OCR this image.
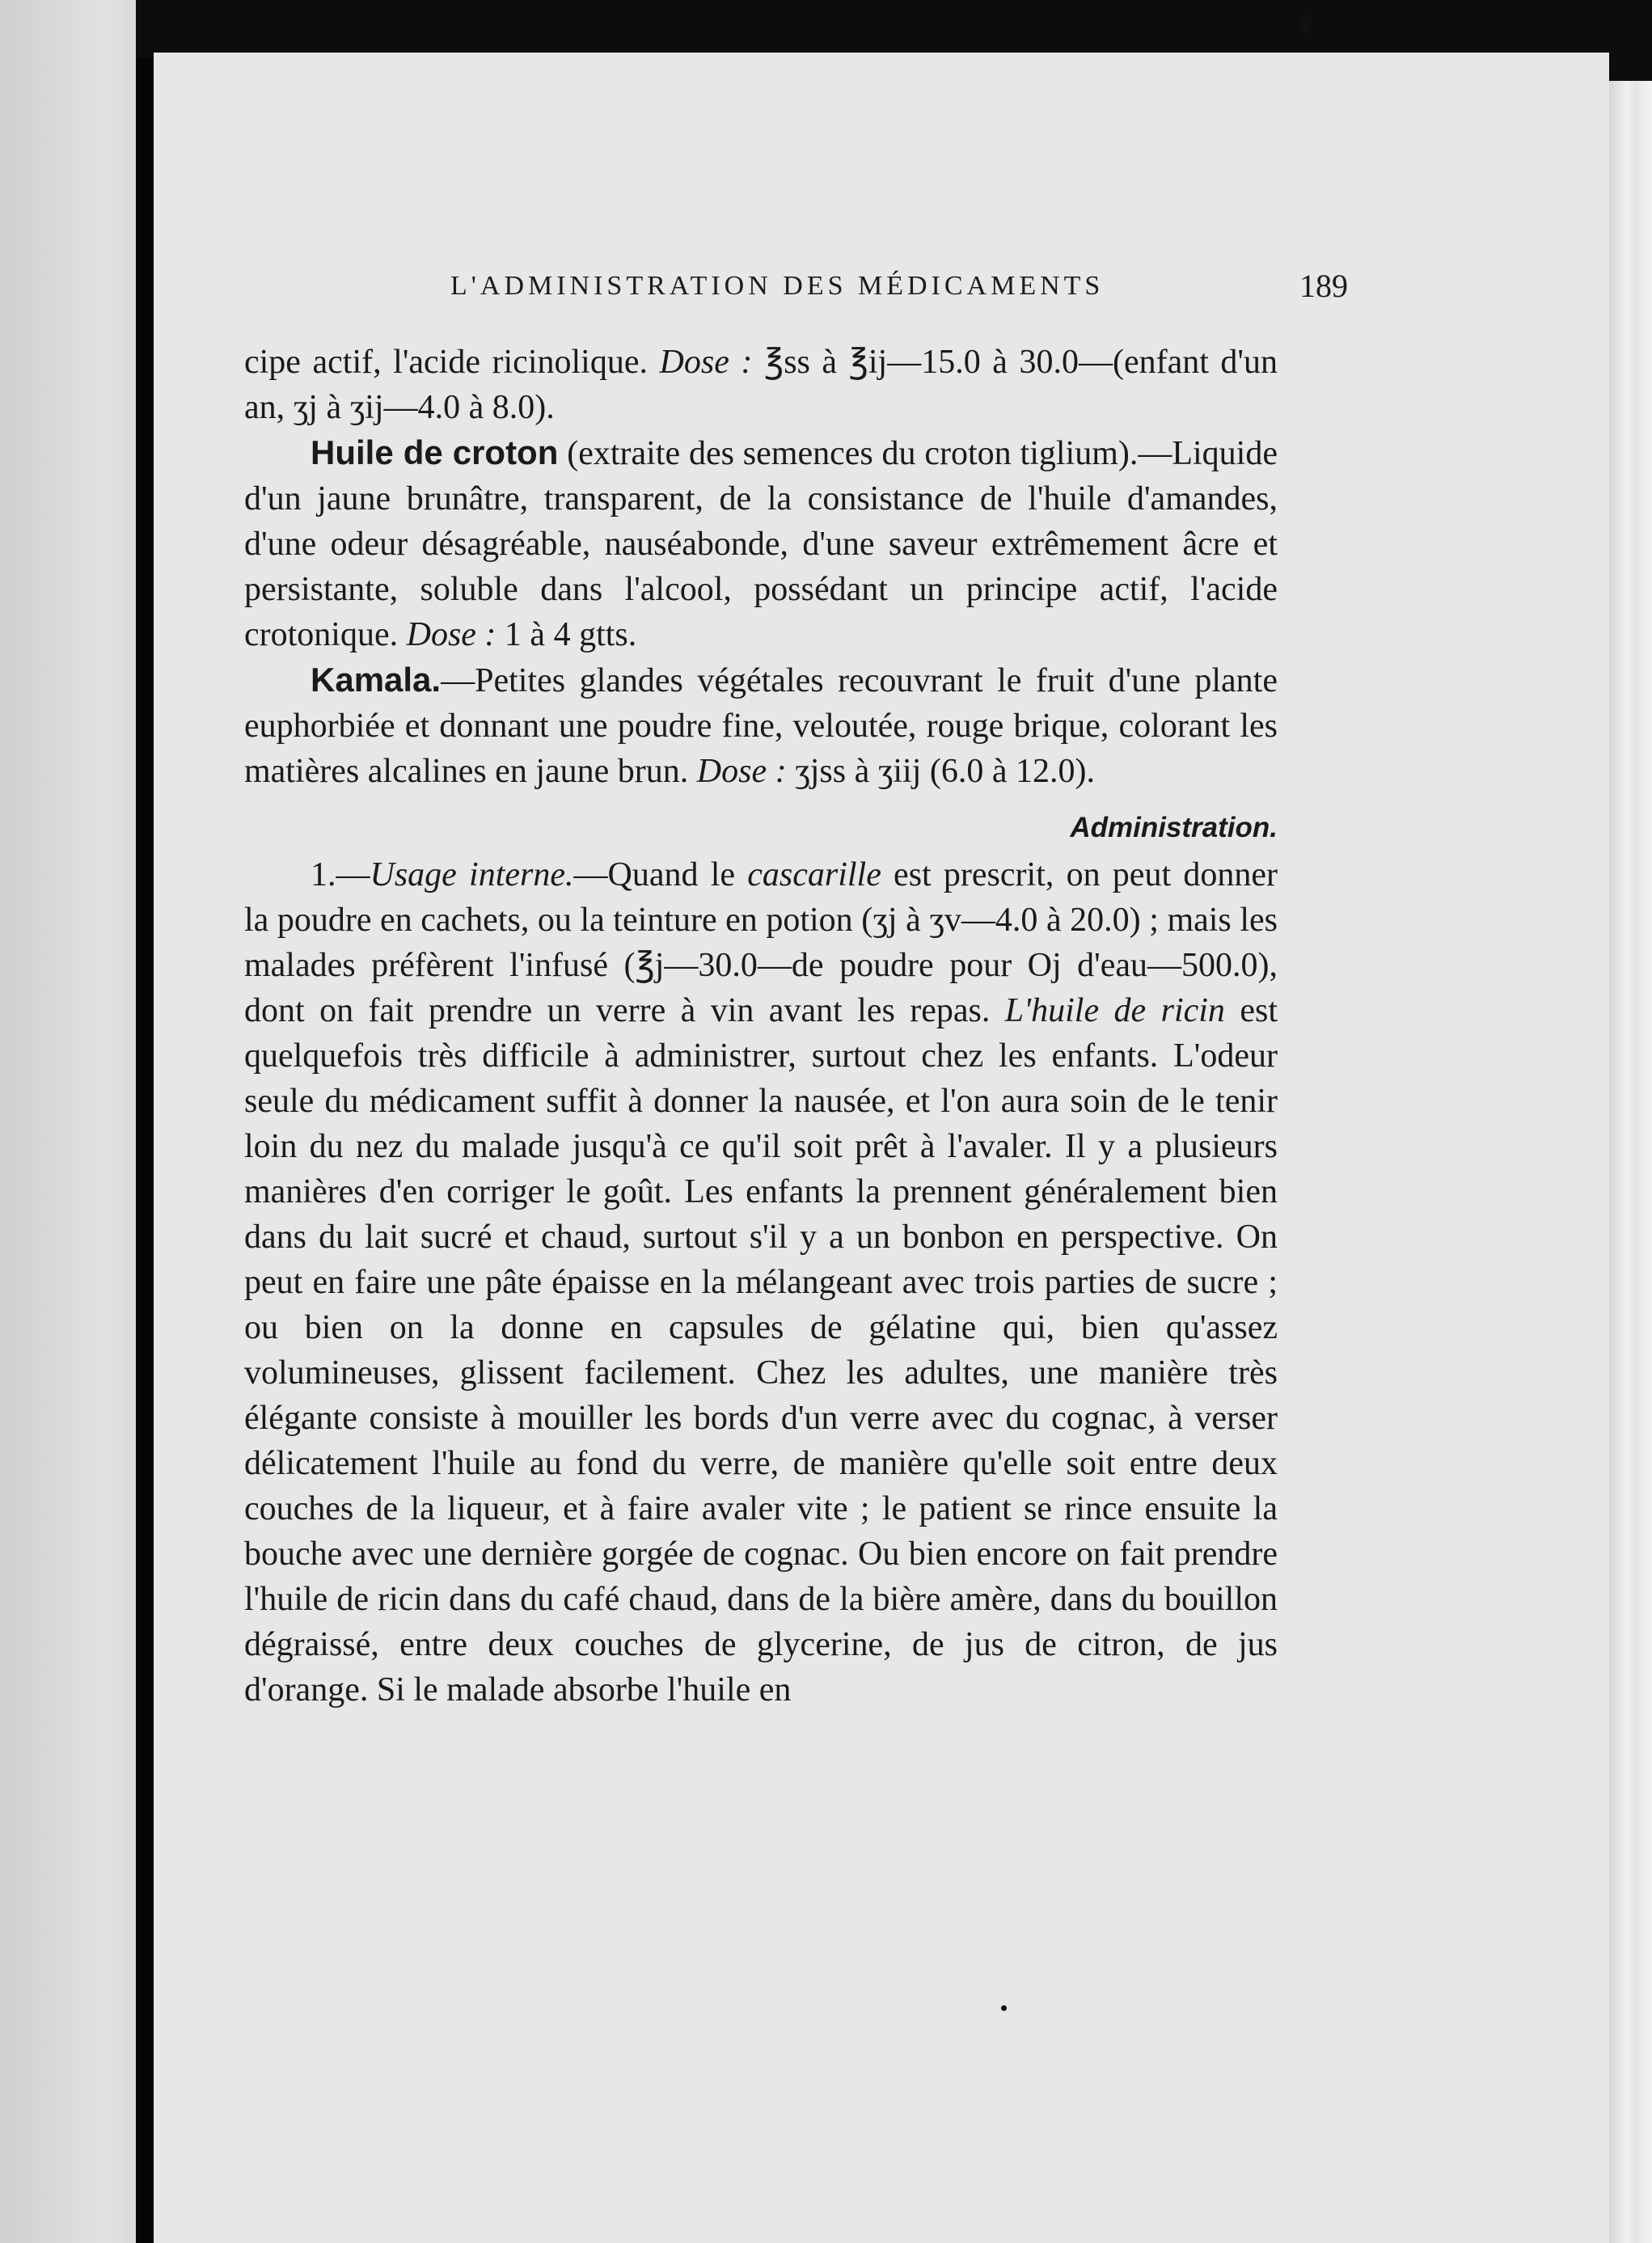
L'ADMINISTRATION DES MÉDICAMENTS	189

cipe actif, l'acide ricinolique. Dose : ℥ss à ℥ij—15.0 à 30.0—(enfant d'un an, ʒj à ʒij—4.0 à 8.0).

Huile de croton (extraite des semences du croton tiglium).—Liquide d'un jaune brunâtre, transparent, de la consistance de l'huile d'amandes, d'une odeur désagréable, nauséabonde, d'une saveur extrêmement âcre et persistante, soluble dans l'alcool, possédant un principe actif, l'acide crotonique. Dose : 1 à 4 gtts.

Kamala.—Petites glandes végétales recouvrant le fruit d'une plante euphorbiée et donnant une poudre fine, veloutée, rouge brique, colorant les matières alcalines en jaune brun. Dose : ʒjss à ʒiij (6.0 à 12.0).

Administration.

1.—Usage interne.—Quand le cascarille est prescrit, on peut donner la poudre en cachets, ou la teinture en potion (ʒj à ʒv—4.0 à 20.0) ; mais les malades préfèrent l'infusé (℥j—30.0—de poudre pour Oj d'eau—500.0), dont on fait prendre un verre à vin avant les repas. L'huile de ricin est quelquefois très difficile à administrer, surtout chez les enfants. L'odeur seule du médicament suffit à donner la nausée, et l'on aura soin de le tenir loin du nez du malade jusqu'à ce qu'il soit prêt à l'avaler. Il y a plusieurs manières d'en corriger le goût. Les enfants la prennent généralement bien dans du lait sucré et chaud, surtout s'il y a un bonbon en perspective. On peut en faire une pâte épaisse en la mélangeant avec trois parties de sucre ; ou bien on la donne en capsules de gélatine qui, bien qu'assez volumineuses, glissent facilement. Chez les adultes, une manière très élégante consiste à mouiller les bords d'un verre avec du cognac, à verser délicatement l'huile au fond du verre, de manière qu'elle soit entre deux couches de la liqueur, et à faire avaler vite ; le patient se rince ensuite la bouche avec une dernière gorgée de cognac. Ou bien encore on fait prendre l'huile de ricin dans du café chaud, dans de la bière amère, dans du bouillon dégraissé, entre deux couches de glycerine, de jus de citron, de jus d'orange. Si le malade absorbe l'huile en
